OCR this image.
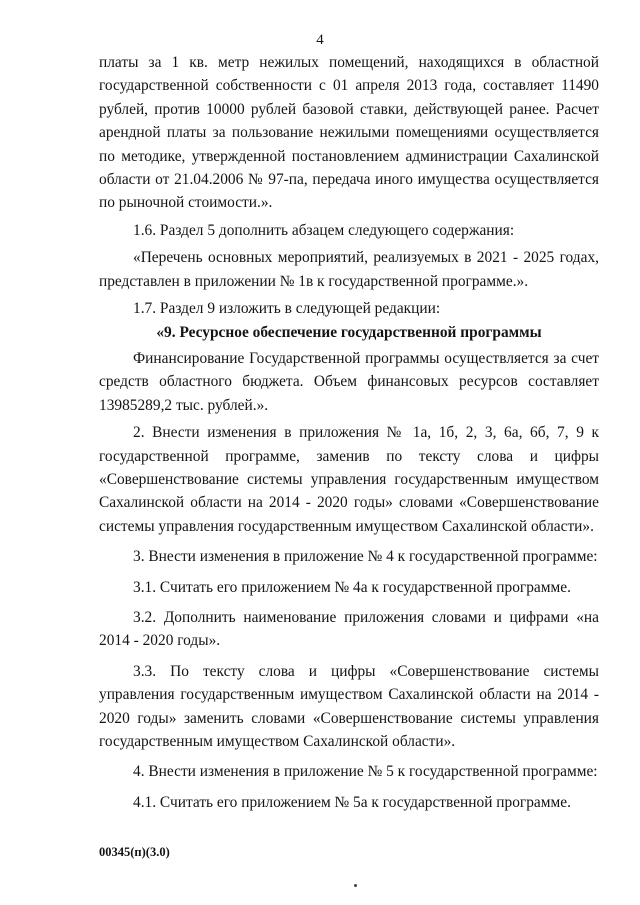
4

платы за 1 кв. метр нежилых помещений, находящихся в областной государственной собственности с 01 апреля 2013 года, составляет 11490 рублей, против 10000 рублей базовой ставки, действующей ранее. Расчет арендной платы за пользование нежилыми помещениями осуществляется по методике, утвержденной постановлением администрации Сахалинской области от 21.04.2006 № 97-па, передача иного имущества осуществляется по рыночной стоимости.».

1.6. Раздел 5 дополнить абзацем следующего содержания:

«Перечень основных мероприятий, реализуемых в 2021 - 2025 годах, представлен в приложении № 1в к государственной программе.».

1.7. Раздел 9 изложить в следующей редакции:

«9. Ресурсное обеспечение государственной программы

Финансирование Государственной программы осуществляется за счет средств областного бюджета. Объем финансовых ресурсов составляет 13985289,2 тыс. рублей.».

2. Внести изменения в приложения № 1а, 1б, 2, 3, 6а, 6б, 7, 9 к государственной программе, заменив по тексту слова и цифры «Совершенствование системы управления государственным имуществом Сахалинской области на 2014 - 2020 годы» словами «Совершенствование системы управления государственным имуществом Сахалинской области».

3. Внести изменения в приложение № 4 к государственной программе:

3.1. Считать его приложением № 4а к государственной программе.

3.2. Дополнить наименование приложения словами и цифрами «на 2014 - 2020 годы».

3.3. По тексту слова и цифры «Совершенствование системы управления государственным имуществом Сахалинской области на 2014 - 2020 годы» заменить словами «Совершенствование системы управления государственным имуществом Сахалинской области».

4. Внести изменения в приложение № 5 к государственной программе:

4.1. Считать его приложением № 5а к государственной программе.

00345(п)(3.0)
